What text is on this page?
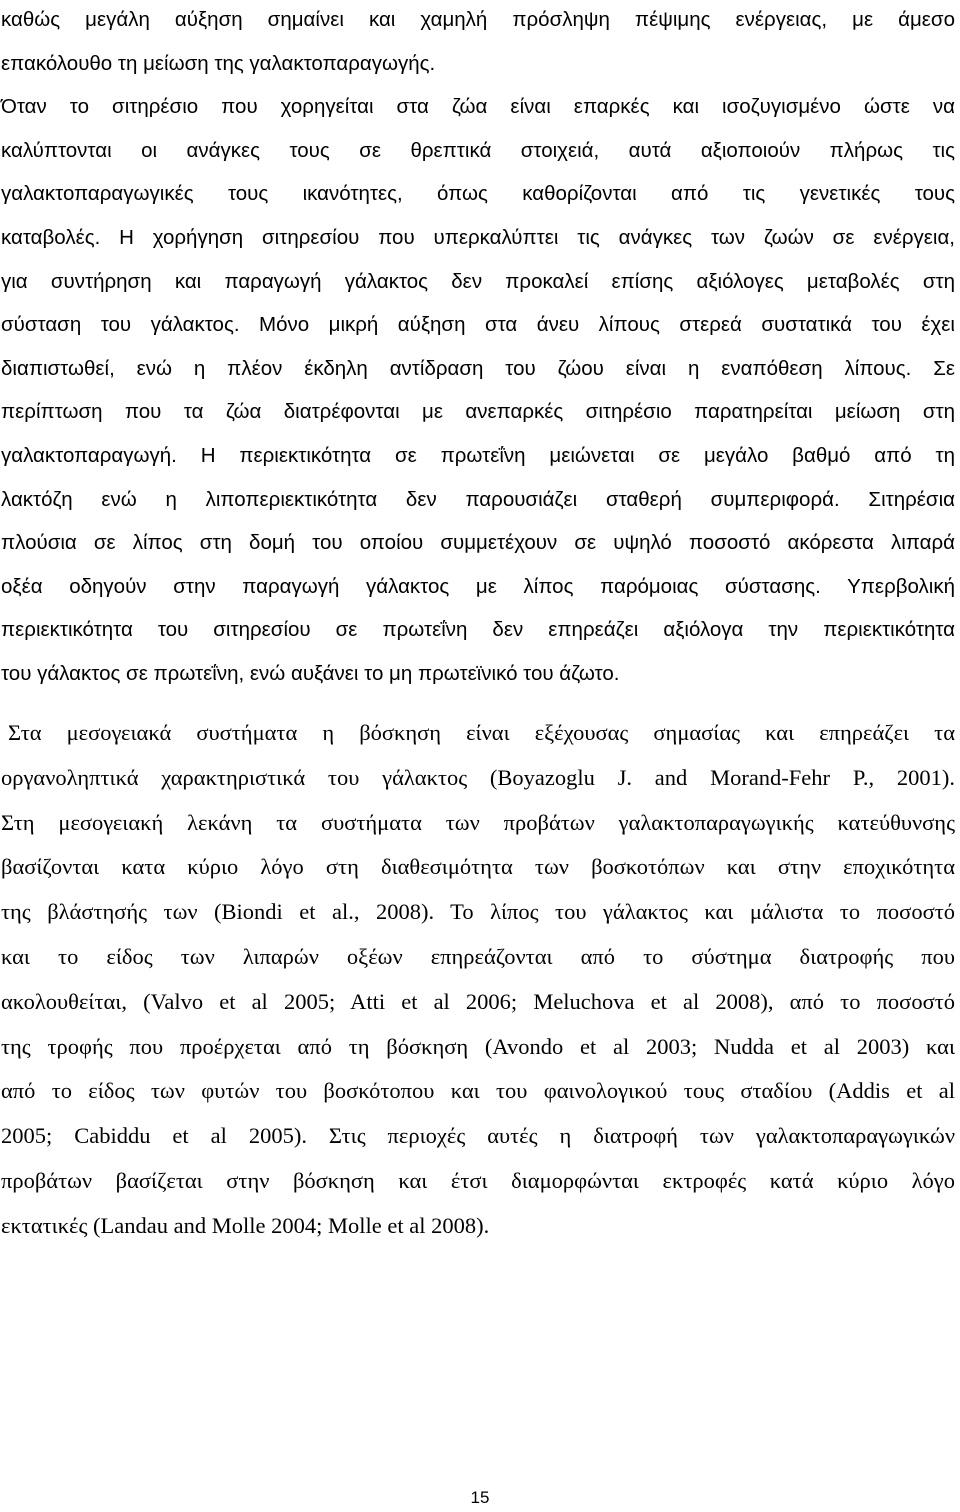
καθώς μεγάλη αύξηση σημαίνει και χαμηλή πρόσληψη πέψιμης ενέργειας, με άμεσο
επακόλουθο τη μείωση της γαλακτοπαραγωγής.
Όταν το σιτηρέσιο που χορηγείται στα ζώα είναι επαρκές και ισοζυγισμένο ώστε να
καλύπτονται οι ανάγκες τους σε θρεπτικά στοιχειά, αυτά αξιοποιούν πλήρως τις
γαλακτοπαραγωγικές τους ικανότητες, όπως καθορίζονται από τις γενετικές τους
καταβολές. Η χορήγηση σιτηρεσίου που υπερκαλύπτει τις ανάγκες των ζωών σε ενέργεια,
για συντήρηση και παραγωγή γάλακτος δεν προκαλεί επίσης αξιόλογες μεταβολές στη
σύσταση του γάλακτος. Μόνο μικρή αύξηση στα άνευ λίπους στερεά συστατικά του έχει
διαπιστωθεί, ενώ η πλέον έκδηλη αντίδραση του ζώου είναι η εναπόθεση λίπους. Σε
περίπτωση που τα ζώα διατρέφονται με ανεπαρκές σιτηρέσιο παρατηρείται μείωση στη
γαλακτοπαραγωγή. Η περιεκτικότητα σε πρωτεΐνη μειώνεται σε μεγάλο βαθμό από τη
λακτόζη ενώ η λιποπεριεκτικότητα δεν παρουσιάζει σταθερή συμπεριφορά. Σιτηρέσια
πλούσια σε λίπος στη δομή του οποίου συμμετέχουν σε υψηλό ποσοστό ακόρεστα λιπαρά
οξέα οδηγούν στην παραγωγή γάλακτος με λίπος παρόμοιας σύστασης. Υπερβολική
περιεκτικότητα του σιτηρεσίου σε πρωτεΐνη δεν επηρεάζει αξιόλογα την περιεκτικότητα
του γάλακτος σε πρωτεΐνη, ενώ αυξάνει το μη πρωτεϊνικό του άζωτο.
Στα μεσογειακά συστήματα η βόσκηση είναι εξέχουσας σημασίας και επηρεάζει τα
οργανοληπτικά χαρακτηριστικά του γάλακτος (Boyazoglu J. and Morand-Fehr P., 2001).
Στη μεσογειακή λεκάνη τα συστήματα των προβάτων γαλακτοπαραγωγικής κατεύθυνσης
βασίζονται κατα κύριο λόγο στη διαθεσιμότητα των βοσκοτόπων και στην εποχικότητα
της βλάστησής των (Biondi et al., 2008). Το λίπος του γάλακτος και μάλιστα το ποσοστό
και το είδος των λιπαρών οξέων επηρεάζονται από το σύστημα διατροφής που
ακολουθείται, (Valvo et al 2005; Atti et al 2006; Meluchova et al 2008), από το ποσοστό
της τροφής που προέρχεται από τη βόσκηση (Avondo et al 2003; Nudda et al 2003) και
από το είδος των φυτών του βοσκότοπου και του φαινολογικού τους σταδίου (Addis et al
2005; Cabiddu et al 2005). Στις περιοχές αυτές η διατροφή των γαλακτοπαραγωγικών
προβάτων βασίζεται στην βόσκηση και έτσι διαμορφώνται εκτροφές κατά κύριο λόγο
εκτατικές (Landau and Molle 2004; Molle et al 2008).
15
